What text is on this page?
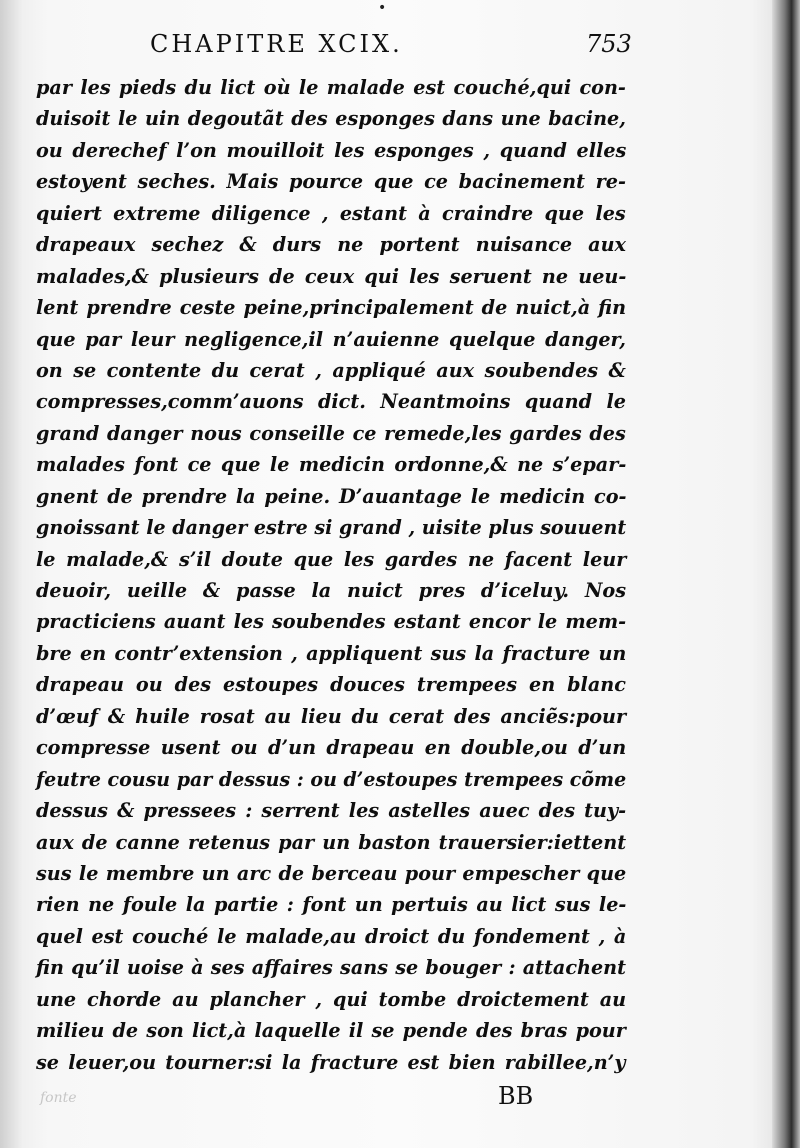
•
CHAPITRE XCIX.	753
par les pieds du lict où le malade est couché,qui con-
duisoit le uin degoutãt des esponges dans une bacine,
ou derechef l’on mouilloit les esponges , quand elles
estoyent seches. Mais pource que ce bacinement re-
quiert extreme diligence , estant à craindre que les
drapeaux sechez & durs ne portent nuisance aux
malades,& plusieurs de ceux qui les seruent ne ueu-
lent prendre ceste peine,principalement de nuict,à fin
que par leur negligence,il n’auienne quelque danger,
on se contente du cerat , appliqué aux soubendes &
compresses,comm’auons dict. Neantmoins quand le
grand danger nous conseille ce remede,les gardes des
malades font ce que le medicin ordonne,& ne s’epar-
gnent de prendre la peine. D’auantage le medicin co-
gnoissant le danger estre si grand , uisite plus souuent
le malade,& s’il doute que les gardes ne facent leur
deuoir, ueille & passe la nuict pres d’iceluy. Nos
practiciens auant les soubendes estant encor le mem-
bre en contr’extension , appliquent sus la fracture un
drapeau ou des estoupes douces trempees en blanc
d’œuf & huile rosat au lieu du cerat des anciẽs:pour
compresse usent ou d’un drapeau en double,ou d’un
feutre cousu par dessus : ou d’estoupes trempees cõme
dessus & pressees : serrent les astelles auec des tuy-
aux de canne retenus par un baston trauersier:iettent
sus le membre un arc de berceau pour empescher que
rien ne foule la partie : font un pertuis au lict sus le-
quel est couché le malade,au droict du fondement , à
fin qu’il uoise à ses affaires sans se bouger : attachent
une chorde au plancher , qui tombe droictement au
milieu de son lict,à laquelle il se pende des bras pour
se leuer,ou tourner:si la fracture est bien rabillee,n’y
fonte	BB
